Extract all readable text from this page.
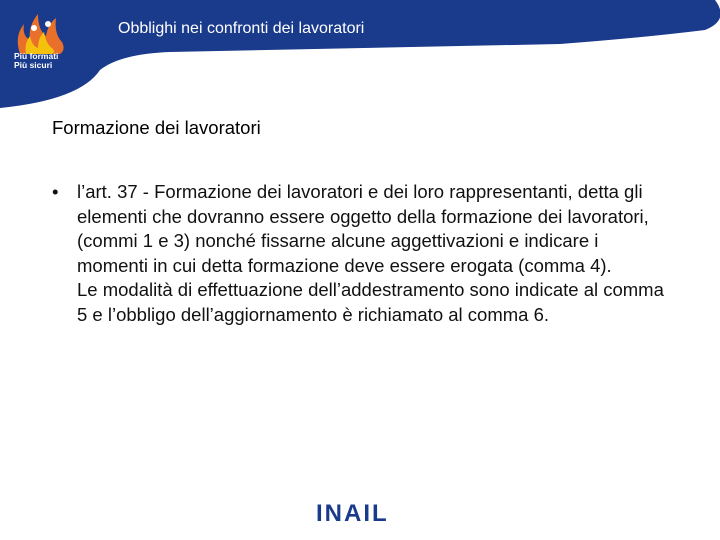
Più formati
Più sicuri
Obblighi nei confronti dei lavoratori
Formazione dei lavoratori
•	l’art. 37 - Formazione dei lavoratori e dei loro rappresentanti, detta gli elementi che dovranno essere oggetto della formazione dei lavoratori, (commi 1 e 3) nonché fissarne alcune aggettivazioni e indicare i momenti in cui detta formazione deve essere erogata (comma 4).
Le modalità di effettuazione dell’addestramento sono indicate al comma 5 e l’obbligo dell’aggiornamento è richiamato al comma 6.
INAIL
